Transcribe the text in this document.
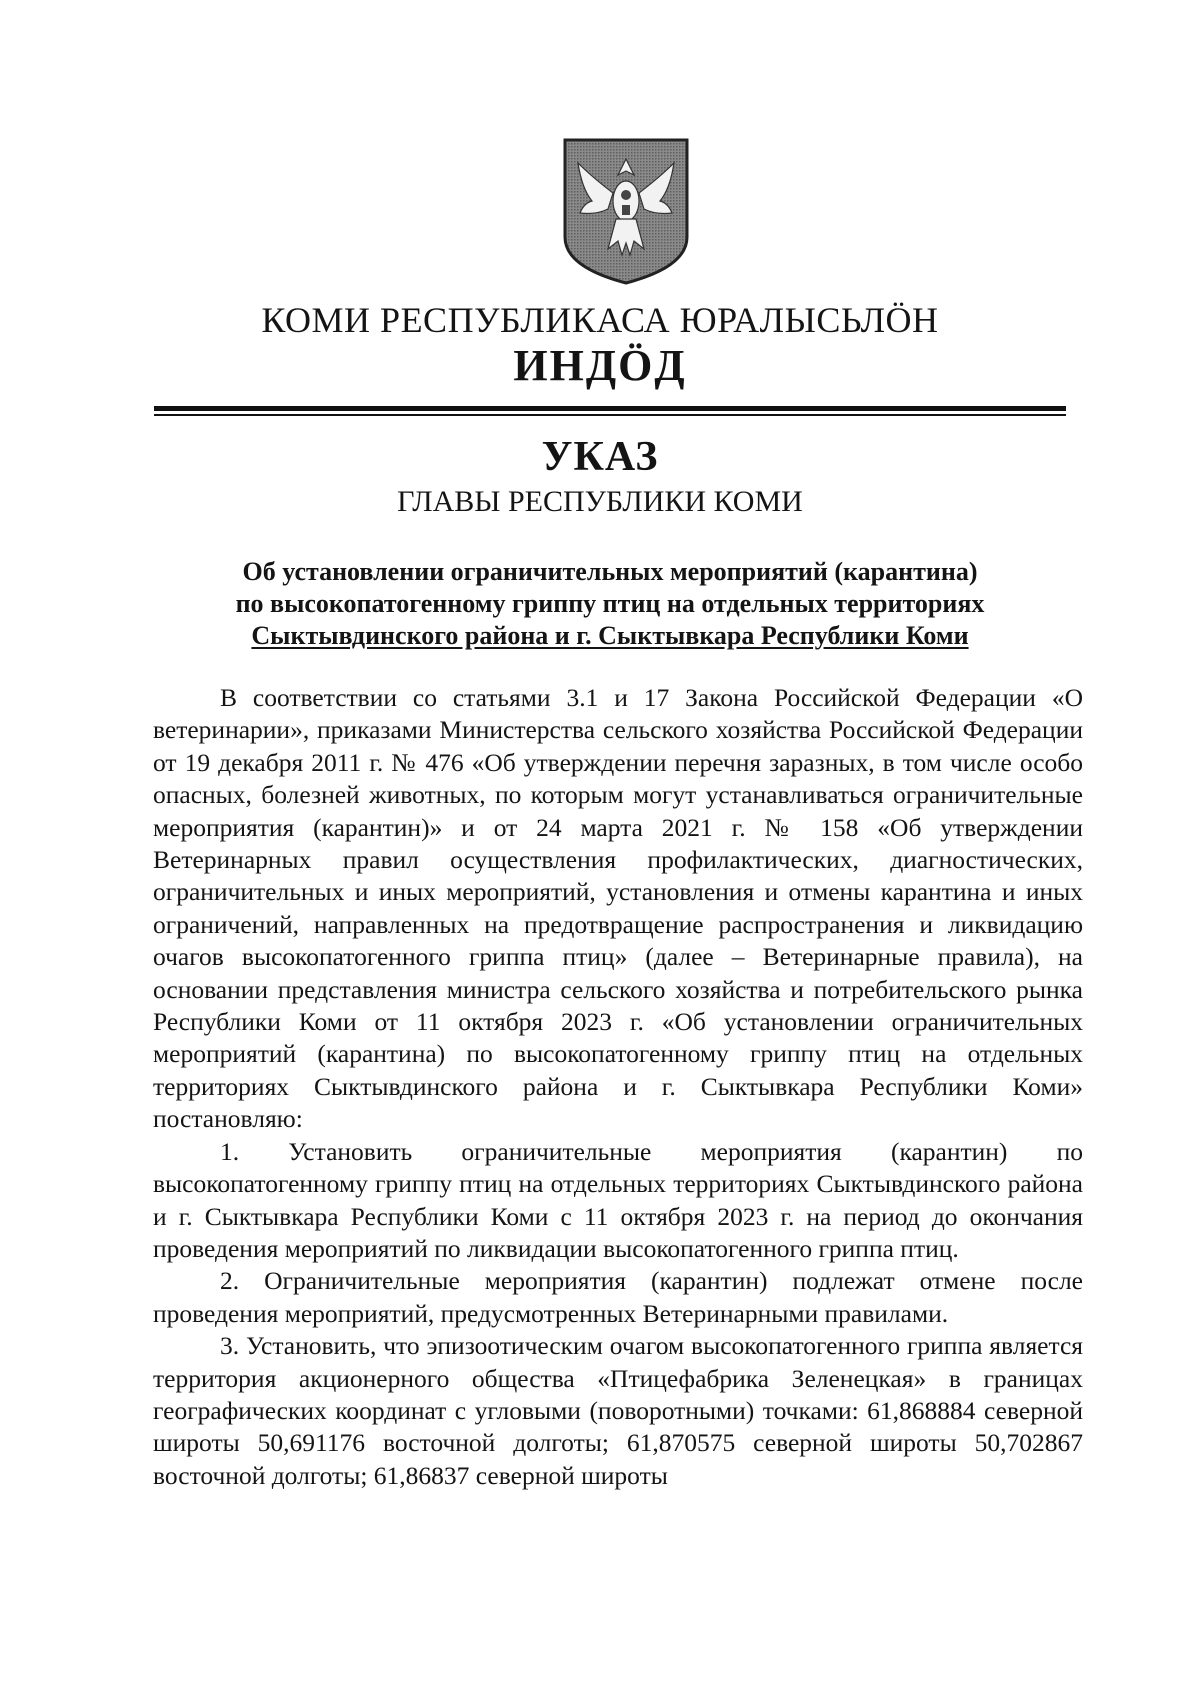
КОМИ РЕСПУБЛИКАСА ЮРАЛЫСЬЛÖН
ИНДÖД
УКАЗ
ГЛАВЫ РЕСПУБЛИКИ КОМИ
Об установлении ограничительных мероприятий (карантина)
по высокопатогенному гриппу птиц на отдельных территориях
Сыктывдинского района и г. Сыктывкара Республики Коми

В соответствии со статьями 3.1 и 17 Закона Российской Федерации «О ветеринарии», приказами Министерства сельского хозяйства Российской Федерации от 19 декабря 2011 г. № 476 «Об утверждении перечня заразных, в том числе особо опасных, болезней животных, по которым могут устанавливаться ограничительные мероприятия (карантин)» и от 24 марта 2021 г. № 158 «Об утверждении Ветеринарных правил осуществления профилактических, диагностических, ограничительных и иных мероприятий, установления и отмены карантина и иных ограничений, направленных на предотвращение распространения и ликвидацию очагов высокопатогенного гриппа птиц» (далее – Ветеринарные правила), на основании представления министра сельского хозяйства и потребительского рынка Республики Коми от 11 октября 2023 г. «Об установлении ограничительных мероприятий (карантина) по высокопатогенному гриппу птиц на отдельных территориях Сыктывдинского района и г. Сыктывкара Республики Коми» постановляю:

1. Установить ограничительные мероприятия (карантин) по высокопатогенному гриппу птиц на отдельных территориях Сыктывдинского района и г. Сыктывкара Республики Коми с 11 октября 2023 г. на период до окончания проведения мероприятий по ликвидации высокопатогенного гриппа птиц.

2. Ограничительные мероприятия (карантин) подлежат отмене после проведения мероприятий, предусмотренных Ветеринарными правилами.

3. Установить, что эпизоотическим очагом высокопатогенного гриппа является территория акционерного общества «Птицефабрика Зеленецкая» в границах географических координат с угловыми (поворотными) точками: 61,868884 северной широты 50,691176 восточной долготы; 61,870575 северной широты 50,702867 восточной долготы; 61,86837 северной широты
